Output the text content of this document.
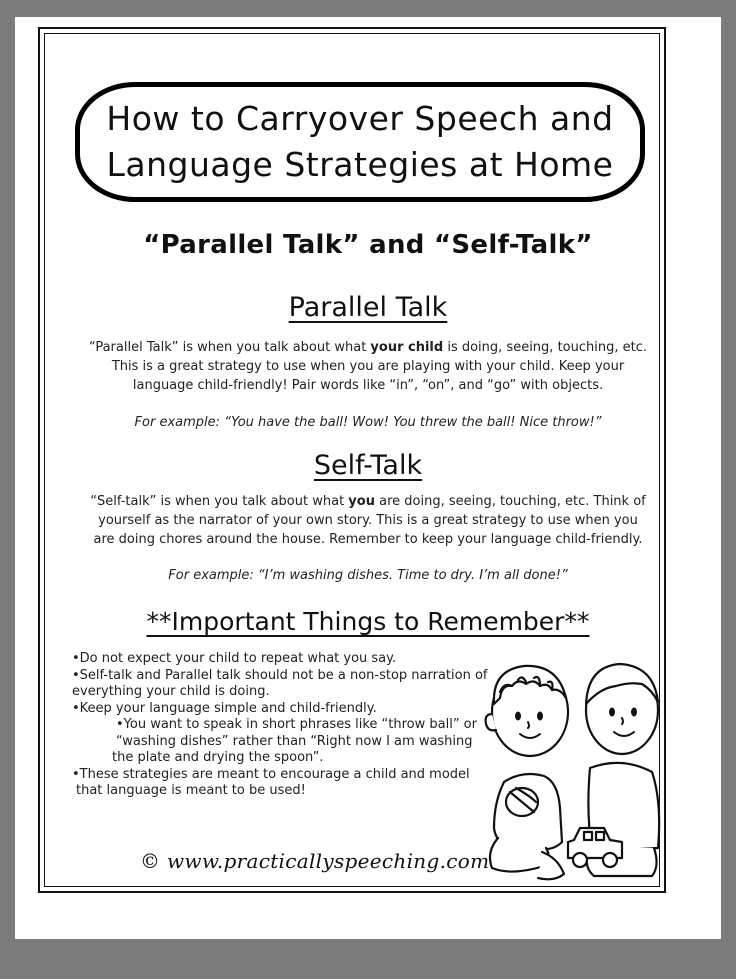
How to Carryover Speech and
Language Strategies at Home
“Parallel Talk” and “Self-Talk”
Parallel Talk
“Parallel Talk” is when you talk about what your child is doing, seeing, touching, etc.
This is a great strategy to use when you are playing with your child. Keep your
language child-friendly! Pair words like “in”, “on”, and “go” with objects.
For example: “You have the ball! Wow! You threw the ball! Nice throw!”
Self-Talk
“Self-talk” is when you talk about what you are doing, seeing, touching, etc. Think of
yourself as the narrator of your own story. This is a great strategy to use when you
are doing chores around the house. Remember to keep your language child-friendly.
For example: “I’m washing dishes. Time to dry. I’m all done!”
**Important Things to Remember**
•Do not expect your child to repeat what you say.
•Self-talk and Parallel talk should not be a non-stop narration of
everything your child is doing.
•Keep your language simple and child-friendly.
•You want to speak in short phrases like “throw ball” or
“washing dishes” rather than “Right now I am washing
the plate and drying the spoon”.
•These strategies are meant to encourage a child and model
that language is meant to be used!
© www.practicallyspeeching.com
